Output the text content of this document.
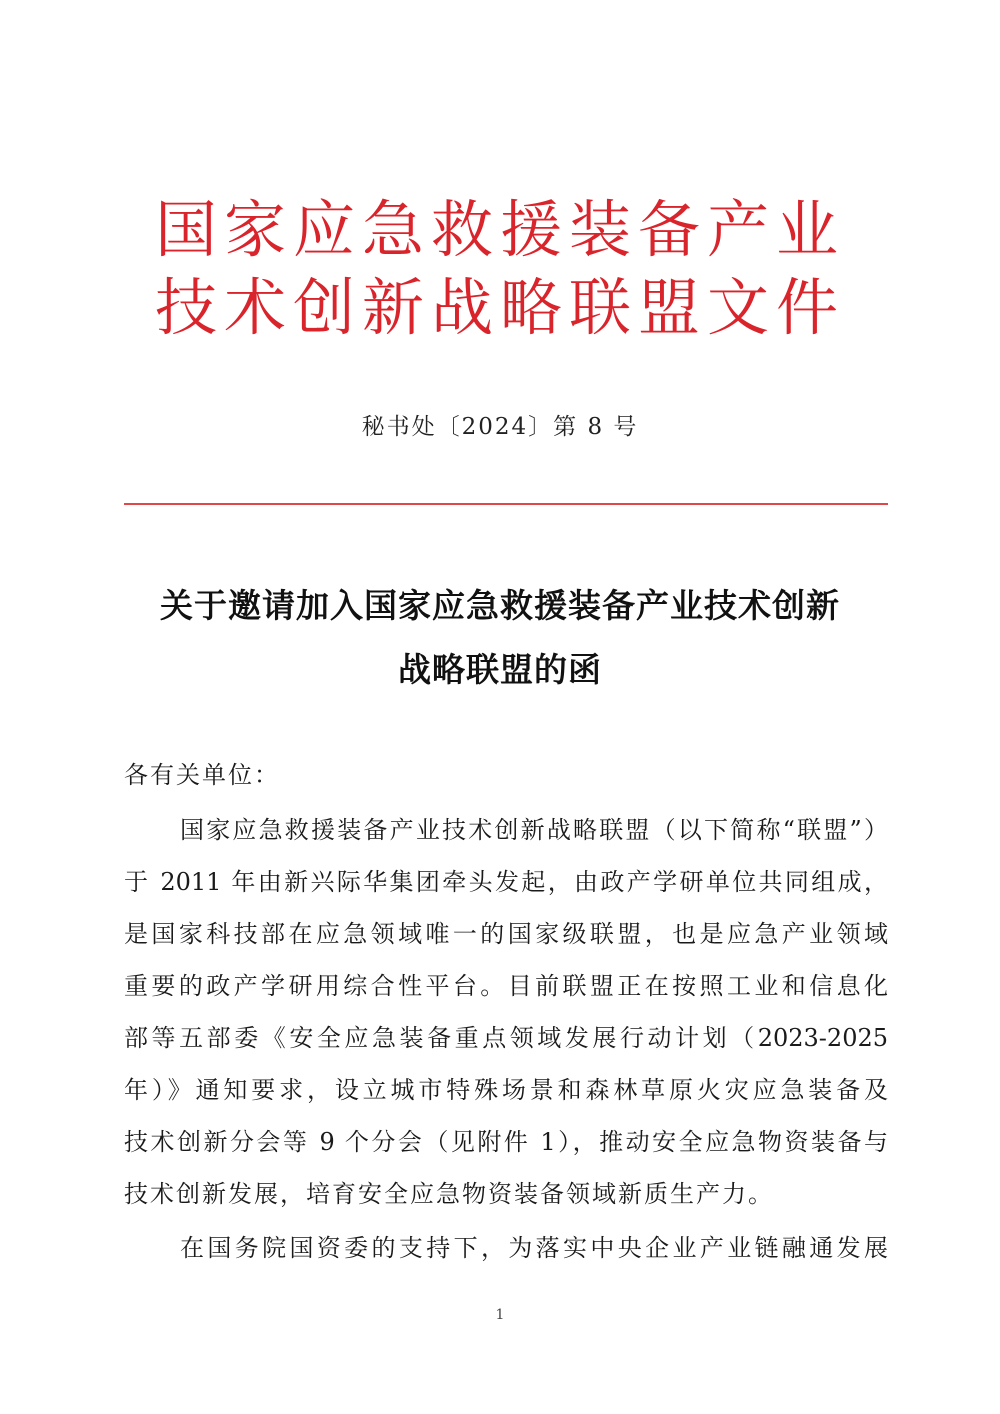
国家应急救援装备产业
技术创新战略联盟文件
秘书处〔2024〕第 8 号
关于邀请加入国家应急救援装备产业技术创新
战略联盟的函
各有关单位：
国家应急救援装备产业技术创新战略联盟（以下简称“联盟”）
于 2011 年由新兴际华集团牵头发起，由政产学研单位共同组成，
是国家科技部在应急领域唯一的国家级联盟，也是应急产业领域
重要的政产学研用综合性平台。目前联盟正在按照工业和信息化
部等五部委《安全应急装备重点领域发展行动计划（2023-2025
年）》通知要求，设立城市特殊场景和森林草原火灾应急装备及
技术创新分会等 9 个分会（见附件 1），推动安全应急物资装备与
技术创新发展，培育安全应急物资装备领域新质生产力。
在国务院国资委的支持下，为落实中央企业产业链融通发展
1
